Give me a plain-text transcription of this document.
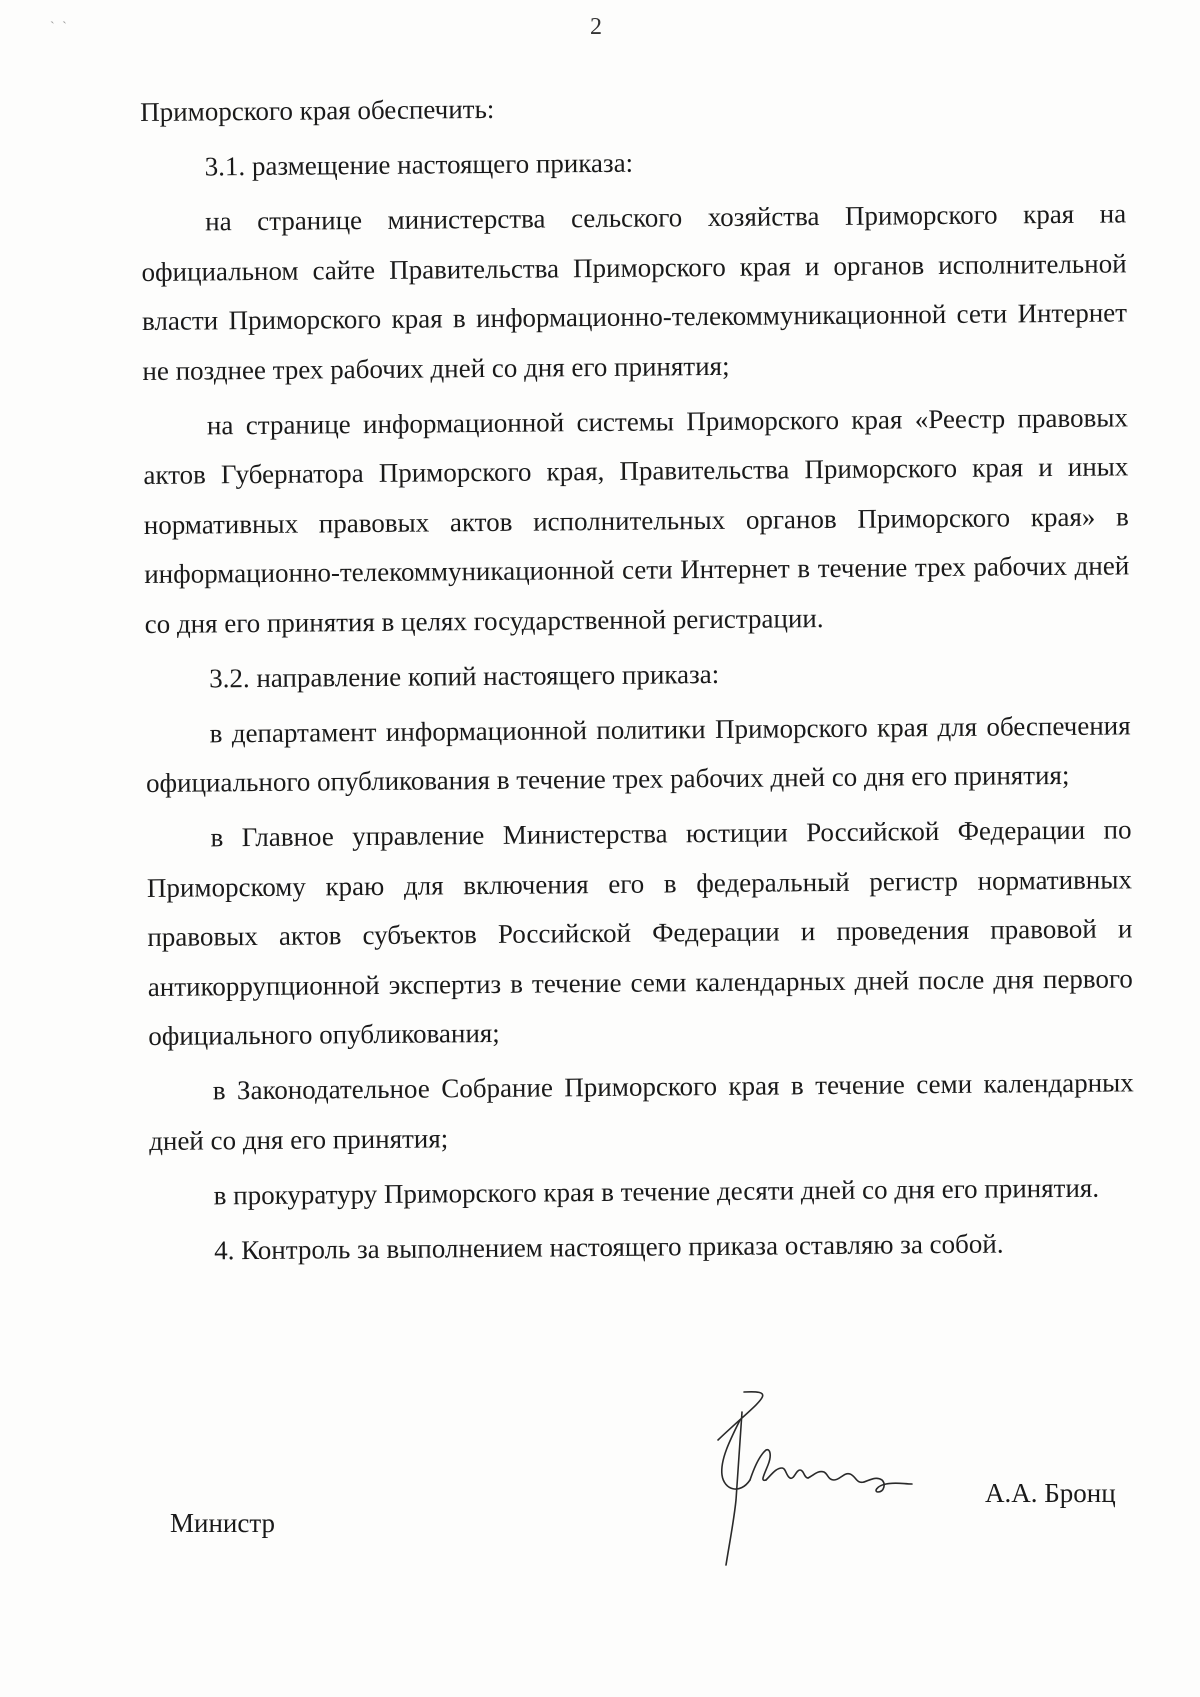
` `	2

Приморского края обеспечить:

3.1. размещение настоящего приказа:

на странице министерства сельского хозяйства Приморского края на официальном сайте Правительства Приморского края и органов исполнительной власти Приморского края в информационно-телекоммуникационной сети Интернет не позднее трех рабочих дней со дня его принятия;

на странице информационной системы Приморского края «Реестр правовых актов Губернатора Приморского края, Правительства Приморского края и иных нормативных правовых актов исполнительных органов Приморского края» в информационно-телекоммуникационной сети Интернет в течение трех рабочих дней со дня его принятия в целях государственной регистрации.

3.2. направление копий настоящего приказа:

в департамент информационной политики Приморского края для обеспечения официального опубликования в течение трех рабочих дней со дня его принятия;

в Главное управление Министерства юстиции Российской Федерации по Приморскому краю для включения его в федеральный регистр нормативных правовых актов субъектов Российской Федерации и проведения правовой и антикоррупционной экспертиз в течение семи календарных дней после дня первого официального опубликования;

в Законодательное Собрание Приморского края в течение семи календарных дней со дня его принятия;

в прокуратуру Приморского края в течение десяти дней со дня его принятия.

4. Контроль за выполнением настоящего приказа оставляю за собой.

Министр
А.А. Бронц
